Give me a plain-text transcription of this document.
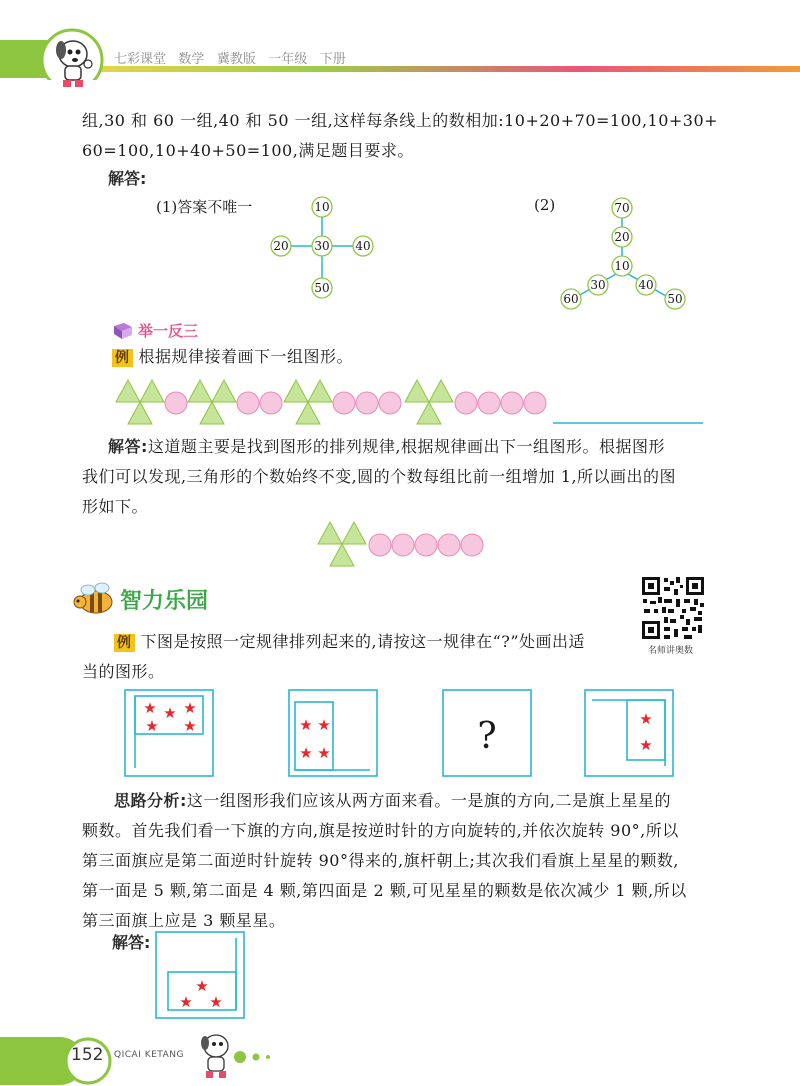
七彩课堂 数学 冀教版 一年级 下册
组,30 和 60 一组,40 和 50 一组,这样每条线上的数相加:10+20+70=100,10+30+
60=100,10+40+50=100,满足题目要求。
解答:
(1)答案不唯一	(2)
10
20 30 40
50
70
20
10
30
60
40
50
举一反三
例 根据规律接着画下一组图形。
解答:这道题主要是找到图形的排列规律,根据规律画出下一组图形。根据图形
我们可以发现,三角形的个数始终不变,圆的个数每组比前一组增加 1,所以画出的图
形如下。
智力乐园
名师讲奥数
例 下图是按照一定规律排列起来的,请按这一规律在“?”处画出适
当的图形。
★ ★ ★
★ ★	★ ★
★ ★
★
★
?
思路分析:这一组图形我们应该从两方面来看。一是旗的方向,二是旗上星星的
颗数。首先我们看一下旗的方向,旗是按逆时针的方向旋转的,并依次旋转 90°,所以
第三面旗应是第二面逆时针旋转 90°得来的,旗杆朝上;其次我们看旗上星星的颗数,
第一面是 5 颗,第二面是 4 颗,第四面是 2 颗,可见星星的颗数是依次减少 1 颗,所以
第三面旗上应是 3 颗星星。
解答:
★
★ ★
152 QICAI KETANG
